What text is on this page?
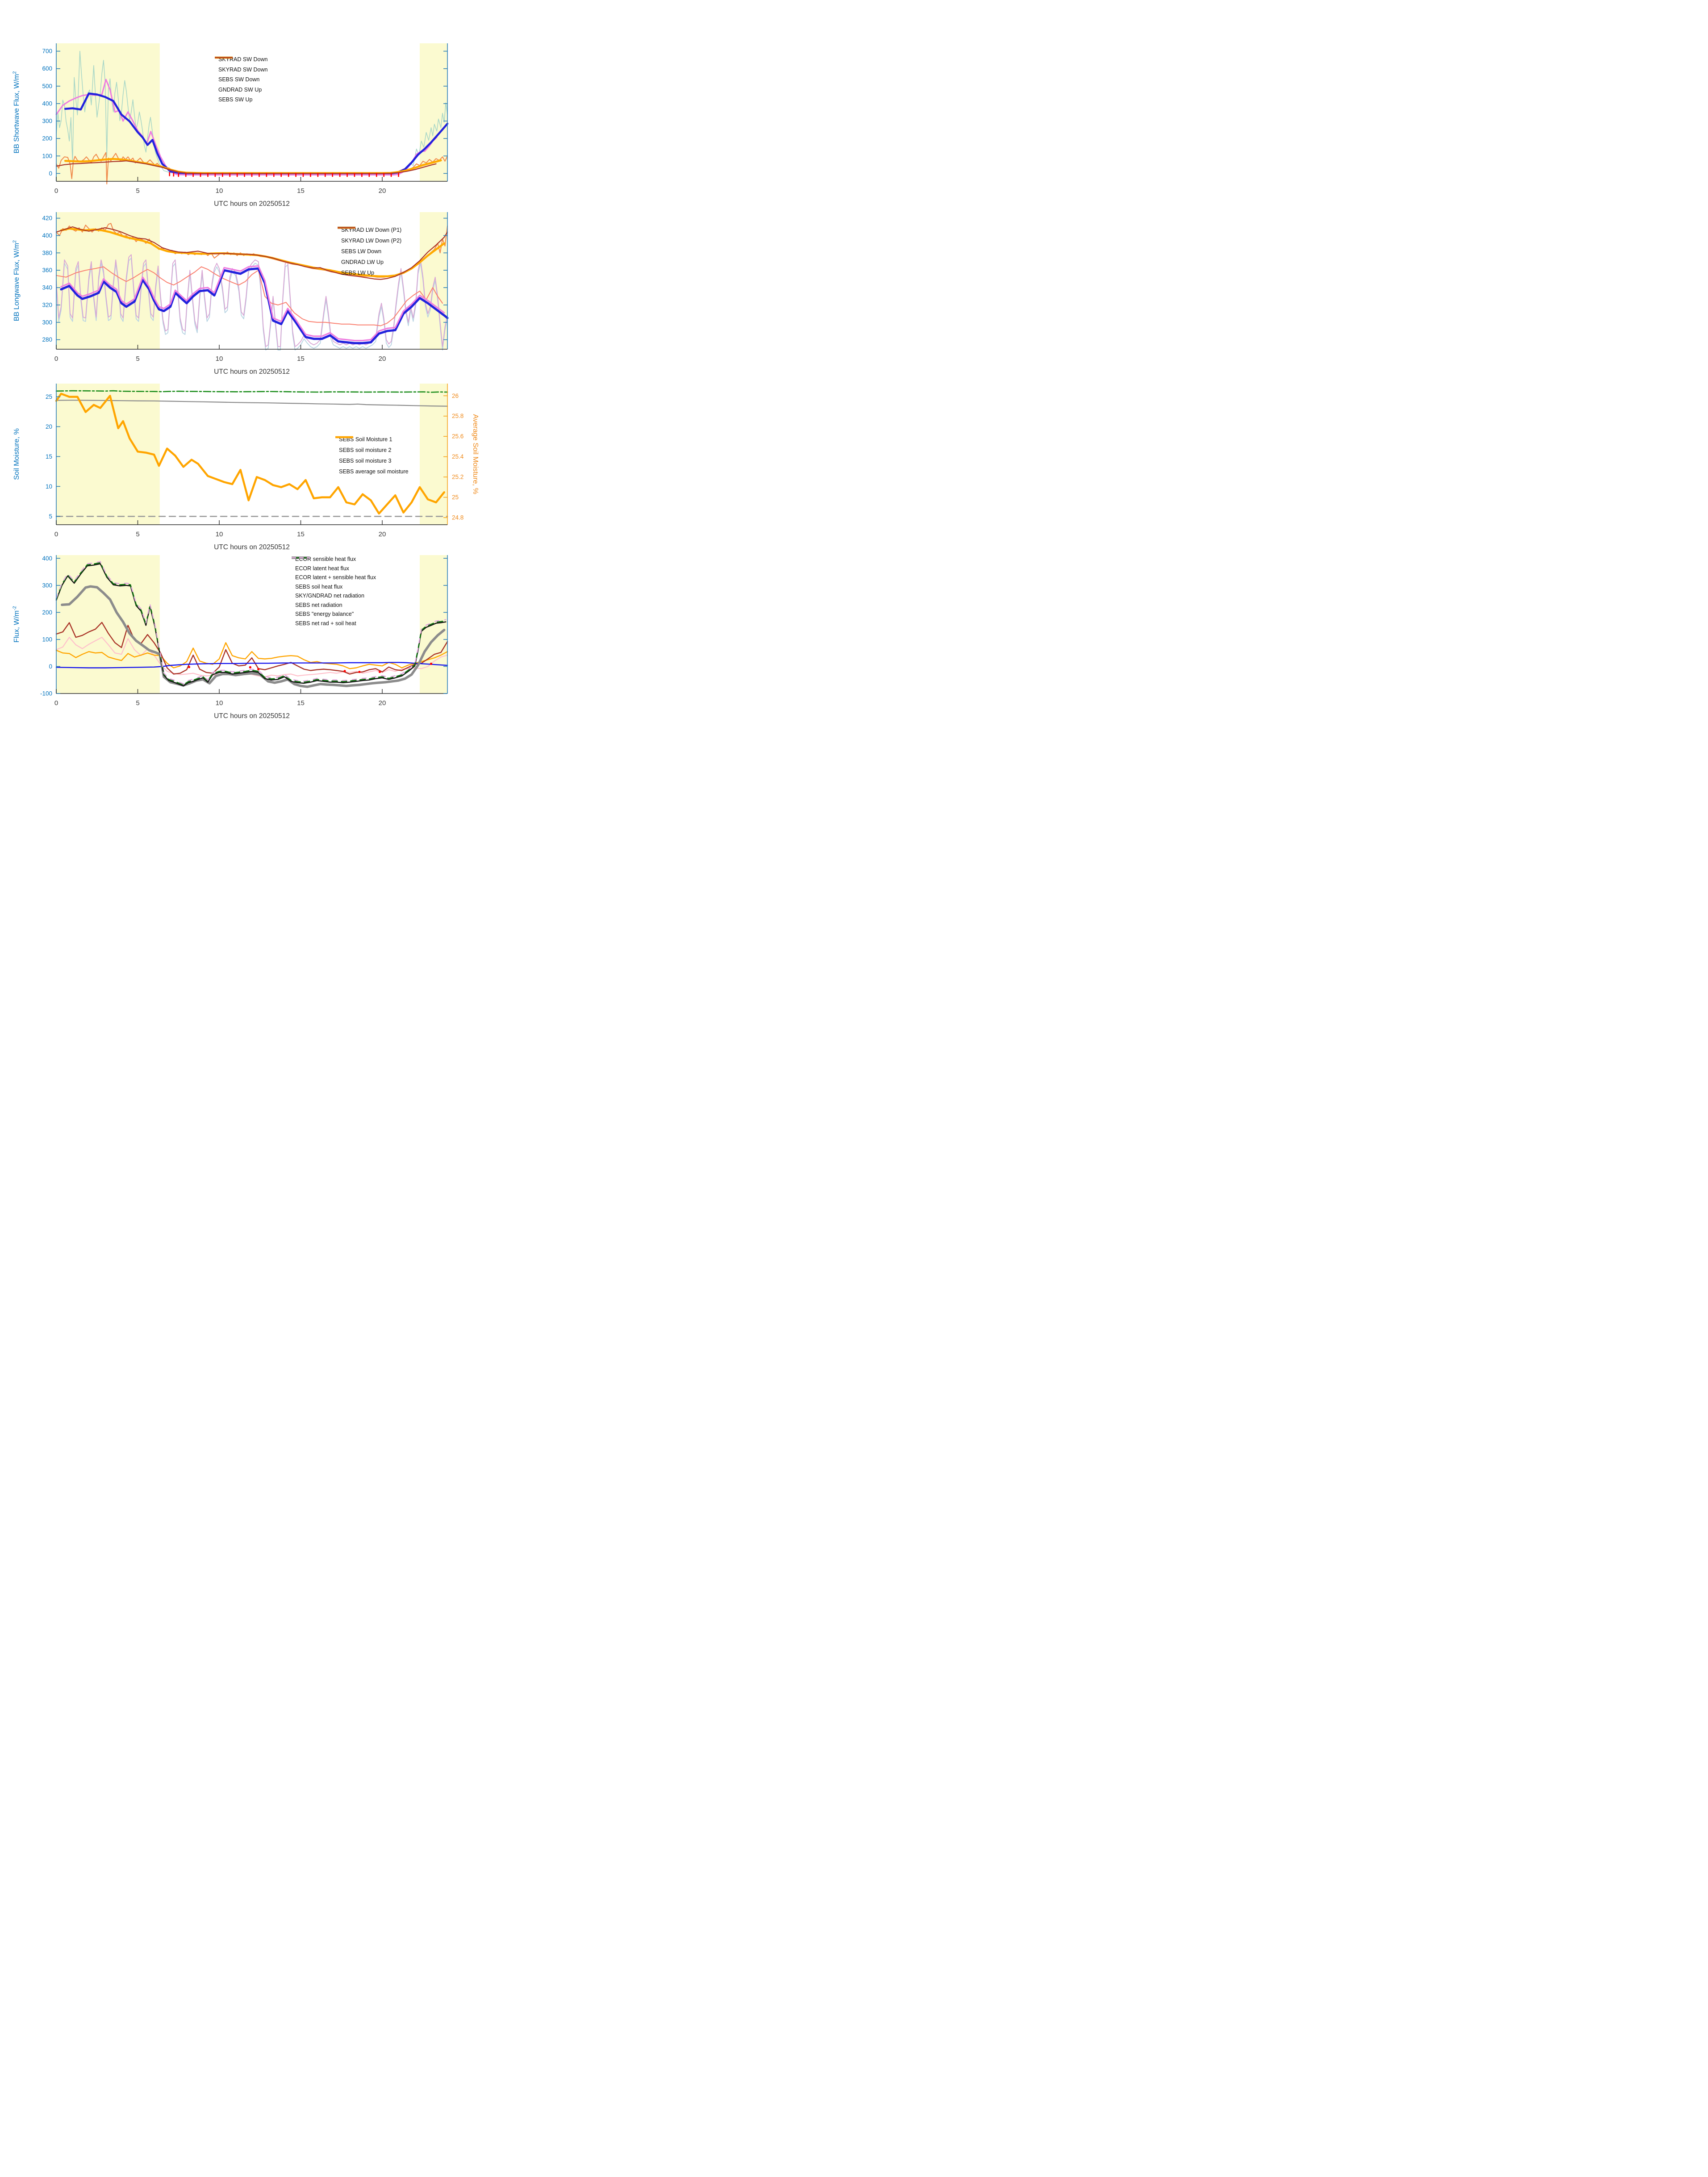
0
100
200
300
400
500
600
700
0	5	10	15	20
UTC hours on 20250512
BB Shortwave Flux, $W/m^2$
280
300
320
340
360
380
400
420
0	5	10	15	20
UTC hours on 20250512
BB Longwave Flux, $W/m^2$
5
10
15
20
25
24.8
25
25.2
25.4
25.6
25.8
26
0	5	10	15	20
UTC hours on 20250512
Soil Moisture, %	Average Soil Moisture, %
-100
0
100
200
300
400
0	5	10	15	20
UTC hours on 20250512
Flux, $W/m^{-2}$
SKYRAD SW Down
SKYRAD SW Down
SEBS SW Down
GNDRAD SW Up
SEBS SW Up
SKYRAD LW Down (P1)
SKYRAD LW Down (P2)
SEBS LW Down
GNDRAD LW Up
SEBS LW Up
SEBS Soil Moisture 1
SEBS soil moisture 2
SEBS soil moisture 3
SEBS average soil moisture
ECOR sensible heat flux
ECOR latent heat flux
ECOR latent + sensible heat flux
SEBS soil heat flux
SKY/GNDRAD net radiation
SEBS net radiation
SEBS "energy balance"
SEBS net rad + soil heat
